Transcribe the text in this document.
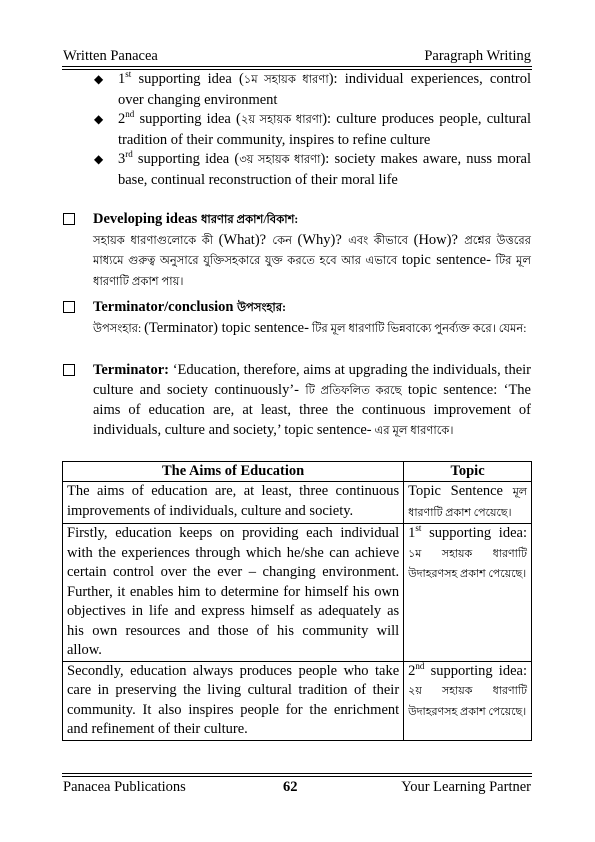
Written Panacea	Paragraph Writing
◆ 1st supporting idea (১ম সহায়ক ধারণা): individual experiences, control over changing environment
◆ 2nd supporting idea (২য় সহায়ক ধারণা): culture produces people, cultural tradition of their community, inspires to refine culture
◆ 3rd supporting idea (৩য় সহায়ক ধারণা): society makes aware, nuss moral base, continual reconstruction of their moral life
Developing ideas ধারণার প্রকাশ/বিকাশ:
সহায়ক ধারণাগুলোকে কী (What)? কেন (Why)? এবং কীভাবে (How)? প্রশ্নের উত্তরের মাধ্যমে গুরুত্ব অনুসারে যুক্তিসহকারে যুক্ত করতে হবে আর এভাবে topic sentence- টির মূল ধারণাটি প্রকাশ পায়।
Terminator/conclusion উপসংহার:
উপসংহার: (Terminator) topic sentence- টির মূল ধারণাটি ভিন্নবাক্যে পুনর্ব্যক্ত করে। যেমন:
Terminator: ‘Education, therefore, aims at upgrading the individuals, their culture and society continuously’- টি প্রতিফলিত করছে topic sentence: ‘The aims of education are, at least, three the continuous improvement of individuals, culture and society,’ topic sentence- এর মূল ধারণাকে।
The Aims of Education	Topic
The aims of education are, at least, three continuous improvements of individuals, culture and society.	Topic Sentence মূল ধারণাটি প্রকাশ পেয়েছে।
Firstly, education keeps on providing each individual with the experiences through which he/she can achieve certain control over the ever – changing environment. Further, it enables him to determine for himself his own objectives in life and express himself as adequately as his own resources and those of his community will allow.	1st supporting idea: ১ম সহায়ক ধারণাটি উদাহরণসহ প্রকাশ পেয়েছে।
Secondly, education always produces people who take care in preserving the living cultural tradition of their community. It also inspires people for the enrichment and refinement of their culture.	2nd supporting idea: ২য় সহায়ক ধারণাটি উদাহরণসহ প্রকাশ পেয়েছে।
Panacea Publications	62	Your Learning Partner
